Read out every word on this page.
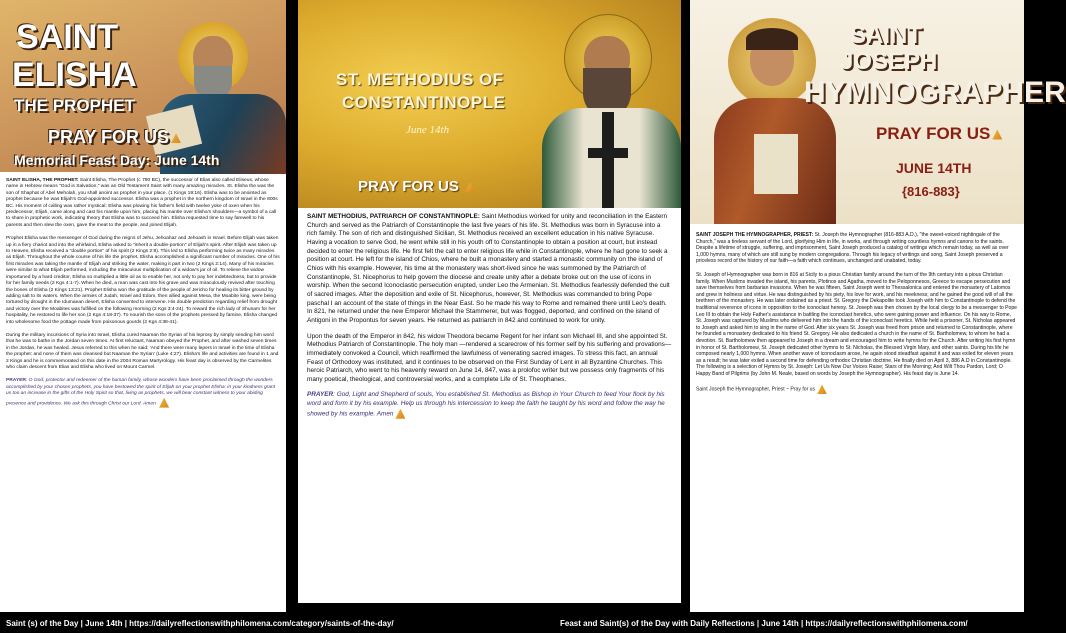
SAINT
ELISHA
THE PROPHET
PRAY FOR US
Memorial Feast Day: June 14th

SAINT ELISHA, THE PROPHET: Saint Elisha, The Prophet (c 790 BC), the successor of Elias also called Eliseus, whose name in Hebrew means "God is Salvation," was an Old Testament Saint with many amazing miracles. St. Elisha the was the son of Shaphat of Abel Meholah, you shall anoint as prophet in your place. (1 Kings 19:16). Elisha was to be anointed as prophet because he was Elijah's God-appointed successor. Elisha was a prophet in the northern kingdom of Israel in the 800s BC. His moment of calling was rather mystical: Elisha was plowing his father's field with twelve yoke of oxen when his predecessor, Elijah, came along and cast his mantle upon him, placing his mantle over Elisha's shoulders—a symbol of a call to share in prophetic work, indicating theory that Elisha was to succeed him. Elisha requested time to say farewell to his parents and then slew the oxen, gave the meat to the people, and joined Elijah.

Prophet Elisha was the messenger of God during the reigns of Jehu, Jehoahaz and Jehoash in Israel. Before Elijah was taken up in a fiery chariot and into the whirlwind, Elisha asked to "inherit a double-portion" of Elijah's spirit. After Elijah was taken up to Heaven, Elisha received a "double portion" of his spirit (2 Kings 2:9). This led to Elisha performing twice as many miracles as Elijah. Throughout the whole course of his life the prophet, Elisha accomplished a significant number of miracles. One of his first miracles was taking the mantle of Elijah and striking the water, making it part in two (2 Kings 2:14). Many of his miracles were similar to what Elijah performed, including the miraculous multiplication of a widow's jar of oil. To relieve the widow importuned by a hard creditor, Elisha so multiplied a little oil as to enable her, not only to pay her indebtedness, but to provide for her family needs (2 Kgs 4:1-7). When he died, a man was cast into his grave and was miraculously revived after touching the bones of Elisha (2 Kings 13:21). Prophet Elisha won the gratitude of the people of Jericho for healing its bitter ground by adding salt to its waters. When the armies of Judah, Israel and Edom, then allied against Mesa, the Moabite king, were being tortured by drought in the Idumaean desert, Elisha consented to intervene. His double prediction regarding relief from drought and victory over the Moabites was fulfilled on the following morning (2 Kgs 3:4-24). To reward the rich lady of Shunam for her hospitality, he restored to life her son (2 Kgs 4:18-37). To nourish the sons of the prophets pressed by famine, Elisha changed into wholesome food the pottage made from poisonous gourds (2 Kgs 4:38-41).

During the military incursions of Syria into Israel, Elisha cured Naaman the Syrian of his leprosy by simply sending him word that he was to bathe in the Jordan seven times. At first reluctant, Naaman obeyed the Prophet, and after washed seven times in the Jordan, he was healed. Jesus referred to this when he said: 'And there were many lepers in Israel in the time of Elisha the prophet: and none of them was cleansed but Naaman the Syrian' (Luke 4:27). Elisha's life and activities are found in 1 and 2 Kings and he is commemorated on this date in the 2004 Roman Martyrology. His feast day is observed by the Carmelites who claim descent from Elias and Elisha who lived on Mount Carmel.

PRAYER: O God, protector and redeemer of the human family, whose wonders have been proclaimed through the wonders accomplished by your chosen prophets, you have bestowed the spirit of Elijah on your prophet Elisha: in your kindness grant us too an increase in the gifts of the Holy Spirit so that, living as prophets, we will bear constant witness to your abiding presence and providence. We ask this through Christ our Lord. Amen

ST. METHODIUS OF
CONSTANTINOPLE
June 14th
PRAY FOR US

SAINT METHODIUS, PATRIARCH OF CONSTANTINOPLE: Saint Methodius worked for unity and reconciliation in the Eastern Church and served as the Patriarch of Constantinople the last five years of his life. St. Methodius was born in Syracuse into a rich family. The son of rich and distinguished Sicilian, St. Methodius received an excellent education in his native Syracuse. Having a vocation to serve God, he went while still in his youth off to Constantinople to obtain a position at court, but instead decided to enter the religious life. He first felt the call to enter religious life while in Constantinople, where he had gone to seek a position at court. He left for the island of Chios, where he built a monastery and started a monastic community on the island of Chios with his example. However, his time at the monastery was short-lived since he was summoned by the Patriarch of Constantinople, St. Nicephorus to help govern the diocese and create unity after a debate broke out on the use of icons in worship. When the second Iconoclastic persecution erupted, under Leo the Armenian. St. Methodius fearlessly defended the cult of sacred images. After the deposition and exile of St. Nicephorus, however, St. Methodius was commanded to bring Pope paschal I an account of the state of things in the Near East. So he made his way to Rome and remained there until Leo's death. In 821, he returned under the new Emperor Michael the Stammerer, but was flogged, deported, and confined on the island of Antigoni in the Propontus for seven years. He returned as patriarch in 842 and continued to work for unity.

Upon the death of the Emperor in 842, his widow Theodora became Regent for her infant son Michael III, and she appointed St. Methodius Patriarch of Constantinople. The holy man —rendered a scarecrow of his former self by his suffering and provations—immediately convoked a Council, which reaffirmed the lawfulness of venerating sacred images. To stress this fact, an annual Feast of Orthodoxy was instituted, and it continues to be observed on the First Sunday of Lent in all Byzantine Churches. This heroic Patriarch, who went to his heavenly reward on June 14, 847, was a prolofoc writer but we possess only fragments of his many poetical, theological, and controversial works, and a complete Life of St. Theophanes.

PRAYER: God, Light and Shepherd of souls, You established St. Methodius as Bishop in Your Church to feed Your flock by his word and form it by his example. Help us through his intercession to keep the faith he taught by his word and follow the way he showed by his example. Amen

SAINT
JOSEPH
HYMNOGRAPHER
PRAY FOR US
JUNE 14TH
{816-883}

SAINT JOSEPH THE HYMNOGRAPHER, PRIEST: St. Joseph the Hymnographer (816-883 A.D.), "the sweet-voiced nightingale of the Church," was a tireless servant of the Lord, glorifying Him in life, in works, and through writing countless hymns and canons to the saints. Despite a lifetime of struggle, suffering, and imprisonment, Saint Joseph produced a catalog of writings which remain today, as well as over 1,000 hymns, many of which are still sung by modern congregations. Through his legacy of writings and song, Saint Joseph preserved a priceless record of the history of our faith—a faith which continues, unchanged and unabated, today.

St. Joseph of Hymnographer was born in 816 at Sicily to a pious Christian family around the turn of the 9th century into a pious Christian family. When Muslims invaded the island, his parents, Plotinos and Agatha, moved to the Peloponnesos, Greece to escape persecution and save themselves from barbarian invasions. When he was fifteen, Saint Joseph went to Thessalonica and entered the monastery of Latomos and grew in holiness and virtue. He was distinguished by his piety, his love for work, and his meekness; and he gained the good will of all the brethren of the monastery. He was later ordained as a priest. St. Gregory the Dekapolite took Joseph with him to Constantinople to defend the traditional reverence of icons in opposition to the iconoclast heresy. St. Joseph was then chosen by the local clergy to be a messenger to Pope Leo III to obtain the Holy Father's assistance in battling the iconoclast heretics, who were gaining power and influence. On his way to Rome, St. Joseph was captured by Muslims who delivered him into the hands of the iconoclast heretics. While held a prisoner, St. Nicholas appeared to Joseph and asked him to sing in the name of God. After six years St. Joseph was freed from prison and returned to Constantinople, where he founded a monastery dedicated to his friend St. Gregory. He also dedicated a church in the name of St. Bartholomew, to whom he had a devotion. St. Bartholomew then appeared to Joseph in a dream and encouraged him to write hymns for the Church. After writing his first hymn in honor of St. Bartholomew, St. Joseph dedicated other hymns to St. Nicholas, the Blessed Virgin Mary, and other saints. During his life he composed nearly 1,000 hymns. When another wave of iconoclasm arose, he again stood steadfast against it and was exiled for eleven years as a result; he was later exiled a second time for defending orthodox Christian doctrine. He finally died on April 3, 886 A.D in Constantinople. The following is a selection of Hymns by St. Joseph: Let Us Now Our Voices Raise; Stars of the Morning; And Wilt Thou Pardon, Lord; O Happy Band of Pilgrims (by John M. Neale, based on words by Joseph the Hymnographer). His feast day is June 14.

Saint Joseph the Hymnographer, Priest ~ Pray for us

Saint (s) of the Day | June 14th | https://dailyreflectionswithphilomena.com/category/saints-of-the-day/	Feast and Saint(s) of the Day with Daily Reflections | June 14th | https://dailyreflectionswithphilomena.com/
